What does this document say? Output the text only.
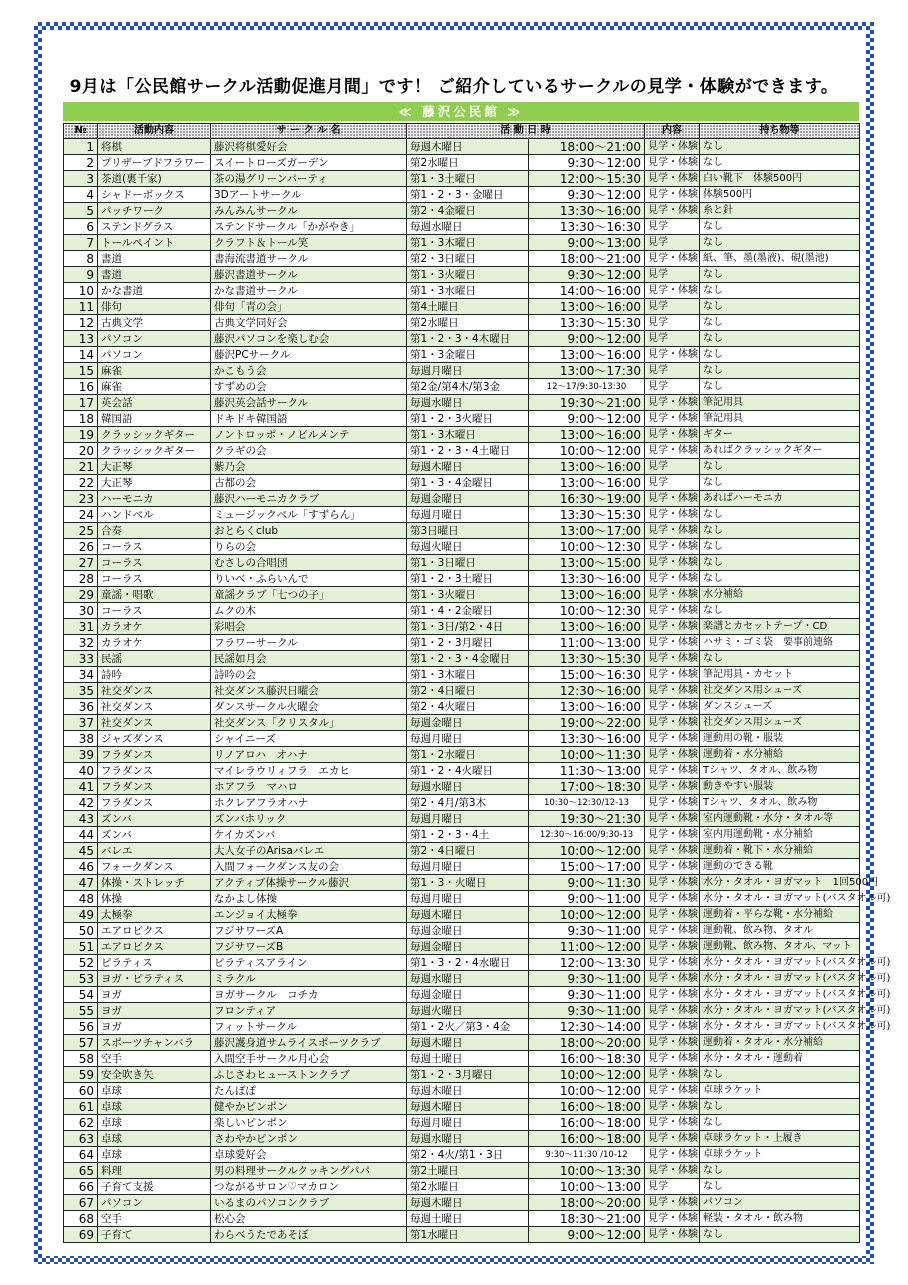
9月は「公民館サークル活動促進月間」です！ ご紹介しているサークルの見学・体験ができます。
≪ 藤沢公民館 ≫
№	活動内容	サ ー ク ル 名	活 動 日 時		内容	持ち物等
1	将棋	藤沢将棋愛好会	毎週木曜日	18:00～21:00	見学・体験	なし
2	プリザーブドフラワー	スイートローズガーデン	第2水曜日	9:30～12:00	見学・体験	なし
3	茶道(裏千家)	茶の湯グリーンパーティ	第1・3土曜日	12:00～15:30	見学・体験	白い靴下　体験500円
4	シャドーボックス	3Dアートサークル	第1・2・3・金曜日	9:30～12:00	見学・体験	体験500円
5	パッチワーク	みんみんサークル	第2・4金曜日	13:30～16:00	見学・体験	糸と針
6	ステンドグラス	ステンドサークル「かがやき」	毎週水曜日	13:30～16:30	見学	なし
7	トールペイント	クラフト＆トール笑	第1・3木曜日	9:00～13:00	見学	なし
8	書道	書海流書道サークル	第2・3日曜日	18:00～21:00	見学・体験	紙、筆、墨(墨液)、硯(墨池)
9	書道	藤沢書道サークル	第1・3火曜日	9:30～12:00	見学	なし
10	かな書道	かな書道サークル	第1・3水曜日	14:00～16:00	見学・体験	なし
11	俳句	俳句「青の会」	第4土曜日	13:00～16:00	見学	なし
12	古典文学	古典文学同好会	第2水曜日	13:30～15:30	見学	なし
13	パソコン	藤沢パソコンを楽しむ会	第1・2・3・4木曜日	9:00～12:00	見学	なし
14	パソコン	藤沢PCサークル	第1・3金曜日	13:00～16:00	見学・体験	なし
15	麻雀	かこもう会	毎週月曜日	13:00～17:30	見学	なし
16	麻雀	すずめの会	第2金/第4木/第3金	12～17/9:30-13:30	見学	なし
17	英会話	藤沢英会話サークル	毎週水曜日	19:30～21:00	見学・体験	筆記用具
18	韓国語	ドキドキ韓国語	第1・2・3火曜日	9:00～12:00	見学・体験	筆記用具
19	クラッシックギター	ノントロッポ・ノビルメンテ	第1・3木曜日	13:00～16:00	見学・体験	ギター
20	クラッシックギター	クラギの会	第1・2・3・4土曜日	10:00～12:00	見学・体験	あればクラッシックギター
21	大正琴	紫乃会	毎週木曜日	13:00～16:00	見学	なし
22	大正琴	古都の会	第1・3・4金曜日	13:00～16:00	見学	なし
23	ハーモニカ	藤沢ハーモニカクラブ	毎週金曜日	16:30～19:00	見学・体験	あればハーモニカ
24	ハンドベル	ミュージックベル「すずらん」	毎週月曜日	13:30～15:30	見学・体験	なし
25	合奏	おとらくclub	第3日曜日	13:00～17:00	見学・体験	なし
26	コーラス	りらの会	毎週火曜日	10:00～12:30	見学・体験	なし
27	コーラス	むさしの合唱団	第1・3日曜日	13:00～15:00	見学・体験	なし
28	コーラス	りいべ・ふらいんで	第1・2・3土曜日	13:30～16:00	見学・体験	なし
29	童謡・唱歌	童謡クラブ「七つの子」	第1・3火曜日	13:00～16:00	見学・体験	水分補給
30	コーラス	ムクの木	第1・4・2金曜日	10:00～12:30	見学・体験	なし
31	カラオケ	彩唱会	第1・3日/第2・4日	13:00～16:00	見学・体験	楽譜とカセットテープ・CD
32	カラオケ	フラワーサークル	第1・2・3月曜日	11:00～13:00	見学・体験	ハサミ・ゴミ袋　要事前連絡
33	民謡	民謡如月会	第1・2・3・4金曜日	13:30～15:30	見学・体験	なし
34	詩吟	詩吟の会	第1・3木曜日	15:00～16:30	見学・体験	筆記用具・カセット
35	社交ダンス	社交ダンス藤沢日曜会	第2・4日曜日	12:30～16:00	見学・体験	社交ダンス用シューズ
36	社交ダンス	ダンスサークル火曜会	第2・4火曜日	13:00～16:00	見学・体験	ダンスシューズ
37	社交ダンス	社交ダンス「クリスタル」	毎週金曜日	19:00～22:00	見学・体験	社交ダンス用シューズ
38	ジャズダンス	シャイニーズ	毎週月曜日	13:30～16:00	見学・体験	運動用の靴・服装
39	フラダンス	リノアロハ　オハナ	第1・2水曜日	10:00～11:30	見学・体験	運動着・水分補給
40	フラダンス	マイレラウリィフラ　エカヒ	第1・2・4火曜日	11:30～13:00	見学・体験	Tシャツ、タオル、飲み物
41	フラダンス	ホアフラ　マハロ	毎週水曜日	17:00～18:30	見学・体験	動きやすい服装
42	フラダンス	ホクレアフラオハナ	第2・4月/第3木	10:30～12:30/12-13	見学・体験	Tシャツ、タオル、飲み物
43	ズンバ	ズンバホリック	毎週月曜日	19:30～21:30	見学・体験	室内運動靴・水分・タオル等
44	ズンバ	ケイカズンバ	第1・2・3・4土	12:30～16:00/9:30-13	見学・体験	室内用運動靴・水分補給
45	バレエ	大人女子のArisaバレエ	第2・4日曜日	10:00～12:00	見学・体験	運動着・靴下・水分補給
46	フォークダンス	入間フォークダンス友の会	毎週月曜日	15:00～17:00	見学・体験	運動のできる靴
47	体操・ストレッチ	アクティブ体操サークル藤沢	第1・3・火曜日	9:00～11:30	見学・体験	水分・タオル・ヨガマット　1回500円
48	体操	なかよし体操	毎週月曜日	9:00～11:00	見学・体験	水分・タオル・ヨガマット(バスタオル可)
49	太極拳	エンジョイ太極拳	毎週木曜日	10:00～12:00	見学・体験	運動着・平らな靴・水分補給
50	エアロビクス	フジサワーズA	毎週金曜日	9:30～11:00	見学・体験	運動靴、飲み物、タオル
51	エアロビクス	フジサワーズB	毎週金曜日	11:00～12:00	見学・体験	運動靴、飲み物、タオル、マット
52	ピラティス	ピラティスアライン	第1・3・2・4水曜日	12:00～13:30	見学・体験	水分・タオル・ヨガマット(バスタオル可)
53	ヨガ・ピラティス	ミラクル	毎週水曜日	9:30～11:00	見学・体験	水分・タオル・ヨガマット(バスタオル可)
54	ヨガ	ヨガサークル　コチカ	毎週金曜日	9:30～11:00	見学・体験	水分・タオル・ヨガマット(バスタオル可)
55	ヨガ	フロンティア	毎週火曜日	9:30～11:00	見学・体験	水分・タオル・ヨガマット(バスタオル可)
56	ヨガ	フィットサークル	第1・2火／第3・4金	12:30～14:00	見学・体験	水分・タオル・ヨガマット(バスタオル可)
57	スポーツチャンバラ	藤沢護身道サムライスポーツクラブ	毎週木曜日	18:00～20:00	見学・体験	運動着・タオル・水分補給
58	空手	入間空手サークル月心会	毎週土曜日	16:00～18:30	見学・体験	水分・タオル・運動着
59	安全吹き矢	ふじさわヒューストンクラブ	第1・2・3月曜日	10:00～12:00	見学・体験	なし
60	卓球	たんぽぽ	毎週木曜日	10:00～12:00	見学・体験	卓球ラケット
61	卓球	健やかピンポン	毎週木曜日	16:00～18:00	見学・体験	なし
62	卓球	楽しいピンポン	毎週月曜日	16:00～18:00	見学・体験	なし
63	卓球	さわやかピンポン	毎週水曜日	16:00～18:00	見学・体験	卓球ラケット・上履き
64	卓球	卓球愛好会	第2・4火/第1・3日	9:30～11:30 /10-12	見学・体験	卓球ラケット
65	料理	男の料理サークルクッキングパパ	第2土曜日	10:00～13:30	見学・体験	なし
66	子育て支援	つながるサロン♡マカロン	第2水曜日	10:00～13:00	見学	なし
67	パソコン	いるまのパソコンクラブ	毎週木曜日	18:00～20:00	見学・体験	パソコン
68	空手	松心会	毎週土曜日	18:30～21:00	見学・体験	軽装・タオル・飲み物
69	子育て	わらべうたであそぼ	第1水曜日	9:00～12:00	見学・体験	なし
